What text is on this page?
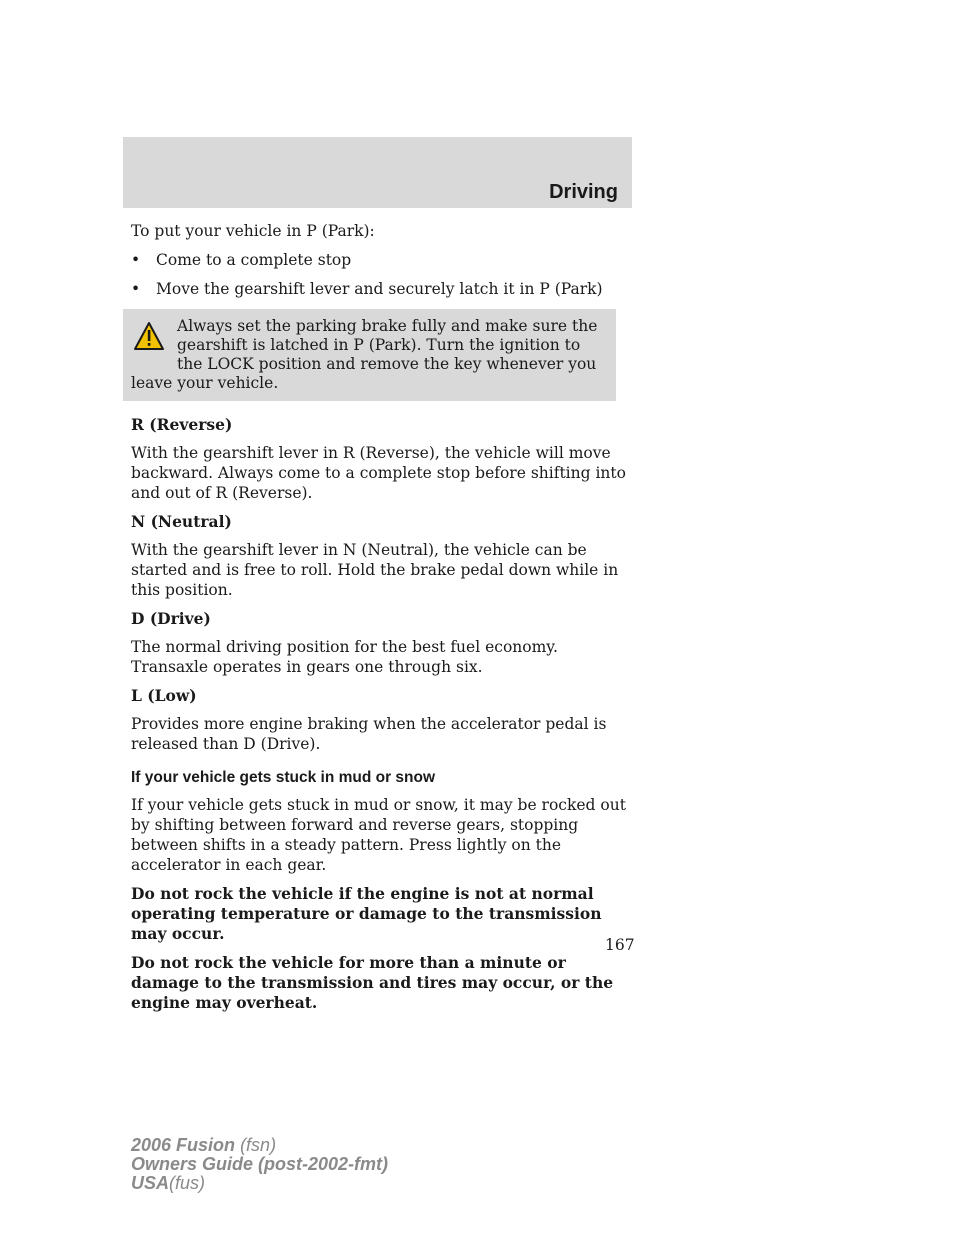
Driving

To put your vehicle in P (Park):

•	Come to a complete stop
•	Move the gearshift lever and securely latch it in P (Park)
Always set the parking brake fully and make sure the gearshift is latched in P (Park). Turn the ignition to the LOCK position and remove the key whenever you leave your vehicle.

R (Reverse)

With the gearshift lever in R (Reverse), the vehicle will move backward. Always come to a complete stop before shifting into and out of R (Reverse).

N (Neutral)

With the gearshift lever in N (Neutral), the vehicle can be started and is free to roll. Hold the brake pedal down while in this position.

D (Drive)

The normal driving position for the best fuel economy. Transaxle operates in gears one through six.

L (Low)

Provides more engine braking when the accelerator pedal is released than D (Drive).

If your vehicle gets stuck in mud or snow

If your vehicle gets stuck in mud or snow, it may be rocked out by shifting between forward and reverse gears, stopping between shifts in a steady pattern. Press lightly on the accelerator in each gear.

Do not rock the vehicle if the engine is not at normal operating temperature or damage to the transmission may occur.

Do not rock the vehicle for more than a minute or damage to the transmission and tires may occur, or the engine may overheat.

167
2006 Fusion (fsn)
Owners Guide (post-2002-fmt)
USA(fus)
